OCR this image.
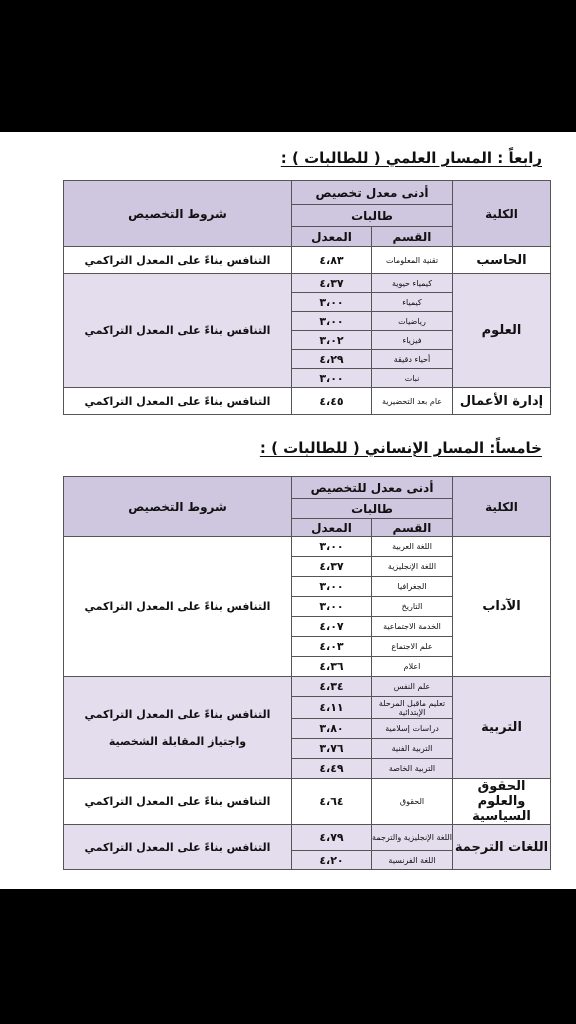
رابعاً : المسار العلمي ( للطالبات ) :
الكلية	أدنى معدل تخصيص		شروط التخصيص
	طالبات		
	القسم	المعدل	
الحاسب	تقنية المعلومات	٤،٨٣	التنافس بناءً على المعدل التراكمي
العلوم	كيمياء حيوية	٤،٣٧	التنافس بناءً على المعدل التراكمي
	كيمياء	٣،٠٠	
	رياضيات	٣،٠٠	
	فيزياء	٣،٠٢	
	أحياء دقيقة	٤،٢٩	
	نبات	٣،٠٠	
إدارة الأعمال	عام بعد التحضيرية	٤،٤٥	التنافس بناءً على المعدل التراكمي
خامساً: المسار الإنساني ( للطالبات ) :
الكلية	أدنى معدل للتخصيص		شروط التخصيص
	طالبات		
	القسم	المعدل	
الآداب	اللغة العربية	٣،٠٠	التنافس بناءً على المعدل التراكمي
	اللغة الإنجليزية	٤،٣٧	
	الجغرافيا	٣،٠٠	
	التاريخ	٣،٠٠	
	الخدمة الاجتماعية	٤،٠٧	
	علم الاجتماع	٤،٠٣	
	اعلام	٤،٣٦	
التربية	علم النفس	٤،٣٤	التنافس بناءً على المعدل التراكمي
واجتياز المقابلة الشخصية

	تعليم ماقبل المرحلة الإبتدائية	٤،١١	
	دراسات إسلامية	٣،٨٠	
	التربية الفنية	٣،٧٦	
	التربية الخاصة	٤،٤٩	
الحقوق والعلوم السياسية	الحقوق	٤،٦٤	التنافس بناءً على المعدل التراكمي
اللغات الترجمة	اللغة الإنجليزية والترجمة	٤،٧٩	التنافس بناءً على المعدل التراكمي
	اللغة الفرنسية	٤،٢٠	
